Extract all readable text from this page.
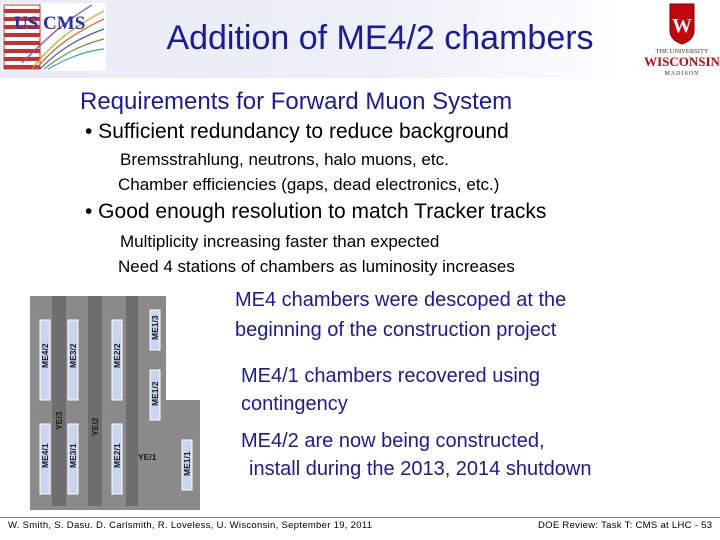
US CMS	Addition of ME4/2 chambers	W
THE UNIVERSITY
WISCONSIN
MADISON
Requirements for Forward Muon System
• Sufficient redundancy to reduce background
Bremsstrahlung, neutrons, halo muons, etc.
Chamber efficiencies (gaps, dead electronics, etc.)
• Good enough resolution to match Tracker tracks
Multiplicity increasing faster than expected
Need 4 stations of chambers as luminosity increases
ME4/2
ME4/1
ME3/2
ME3/1
ME2/2
ME2/1
ME1/3
ME1/2
ME1/1
YE/3	YE/2
YE/1
ME4 chambers were descoped at the
beginning of the construction project
ME4/1 chambers recovered using
contingency
ME4/2 are now being constructed,
install during the 2013, 2014 shutdown
W. Smith, S. Dasu. D. Carlsmith, R. Loveless, U. Wisconsin, September 19, 2011	DOE Review: Task T: CMS at LHC - 53
